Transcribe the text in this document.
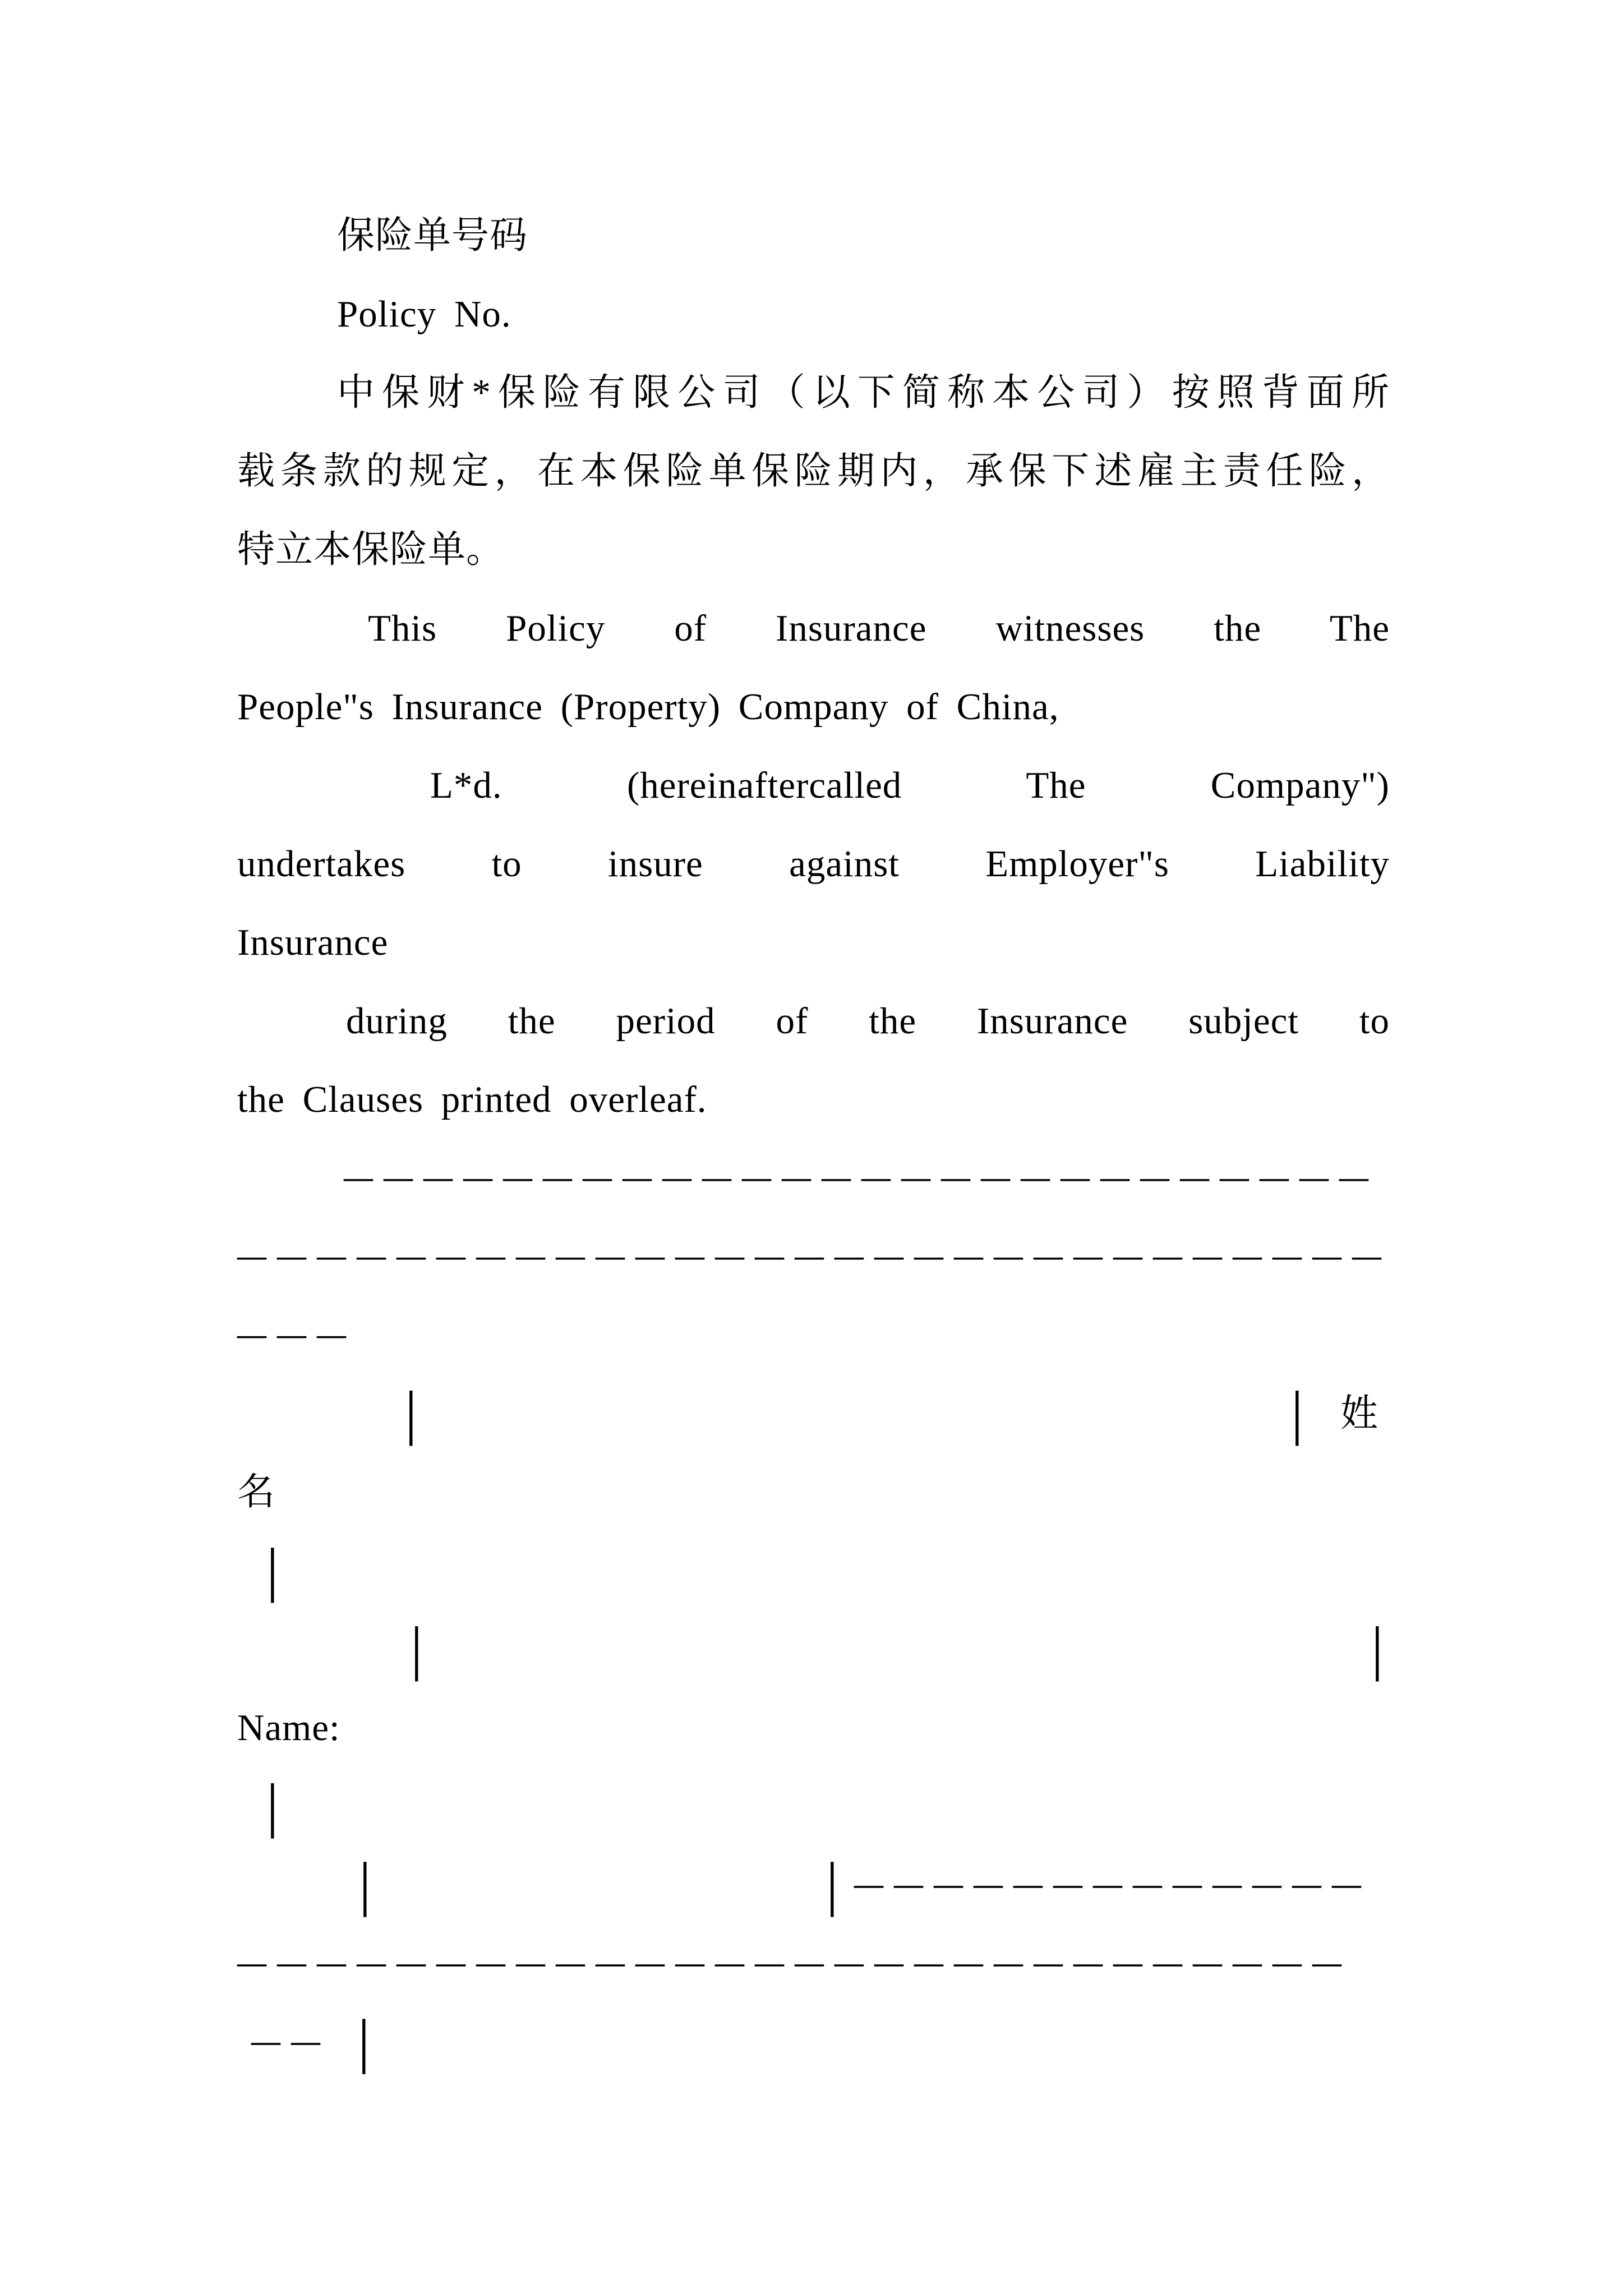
保险单号码
Policy No.
中保财*保险有限公司（以下简称本公司）按照背面所
载条款的规定，在本保险单保险期内，承保下述雇主责任险，
特立本保险单。
This Policy of Insurance witnesses the The
People"s Insurance (Property) Company of China,
L*d. (hereinaftercalled The Company")
undertakes to insure against Employer"s Liability
Insurance
during the period of the Insurance subject to
the Clauses printed overleaf.
——————————————————————————
—————————————————————————————
———
|	| 姓
名
|
|	|
Name:
|
|	| —————————————
————————————————————————————
—— |
